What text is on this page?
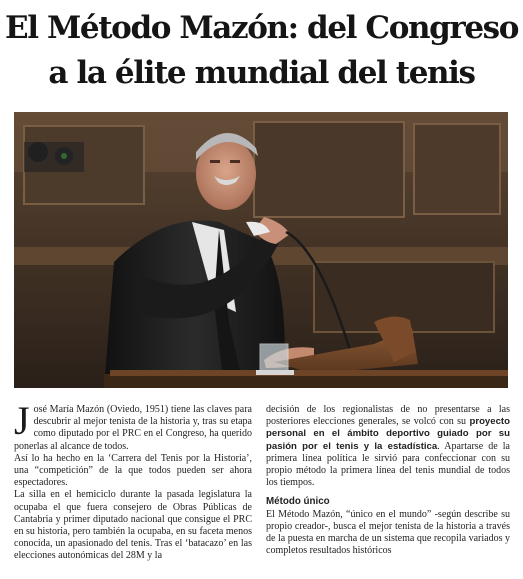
El Método Mazón: del Congreso
a la élite mundial del tenis
J osé María Mazón (Oviedo, 1951) tiene las claves para descubrir al mejor tenista de la historia y, tras su etapa como diputado por el PRC en el Congreso, ha querido ponerlas al alcance de todos.

Así lo ha hecho en la ‘Carrera del Tenis por la Historia’, una “competición” de la que todos pueden ser ahora espectadores.

La silla en el hemiciclo durante la pasada legislatura la ocupaba el que fuera consejero de Obras Públicas de Cantabria y primer diputado nacional que consigue el PRC en su historia, pero también la ocupaba, en su faceta menos conocida, un apasionado del tenis. Tras el ‘batacazo’ en las elecciones autonómicas del 28M y la

decisión de los regionalistas de no presentarse a las posteriores elecciones generales, se volcó con su proyecto personal en el ámbito deportivo guiado por su pasión por el tenis y la estadística. Apartarse de la primera línea política le sirvió para confeccionar con su propio método la primera línea del tenis mundial de todos los tiempos.

Método único

El Método Mazón, “único en el mundo” -según describe su propio creador-, busca el mejor tenista de la historia a través de la puesta en marcha de un sistema que recopila variados y completos resultados históricos
